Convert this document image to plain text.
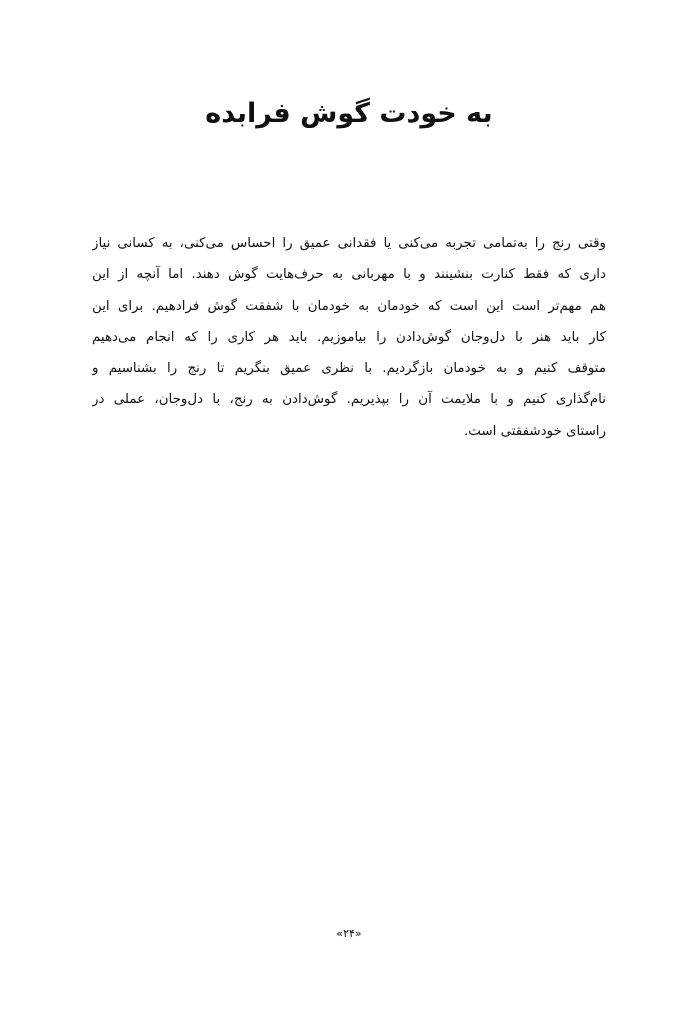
به خودت گوش فرابده
وقتی رنج را به‌تمامی تجربه می‌کنی یا فقدانی عمیق را احساس می‌کنی، به کسانی نیاز
داری که فقط کنارت بنشینند و با مهربانی به حرف‌هایت گوش دهند. اما آنچه از این
هم مهم‌تر است این است که خودمان به خودمان با شفقت گوش فرادهیم. برای این
کار باید هنر با دل‌وجان گوش‌دادن را بیاموزیم. باید هر کاری را که انجام می‌دهیم
متوقف کنیم و به خودمان بازگردیم. با نظری عمیق بنگریم تا رنج را بشناسیم و
نام‌گذاری کنیم و با ملایمت آن را بپذیریم. گوش‌دادن به رنج، با دل‌وجان، عملی در
راستای خودشفقتی است.
«۲۴»
